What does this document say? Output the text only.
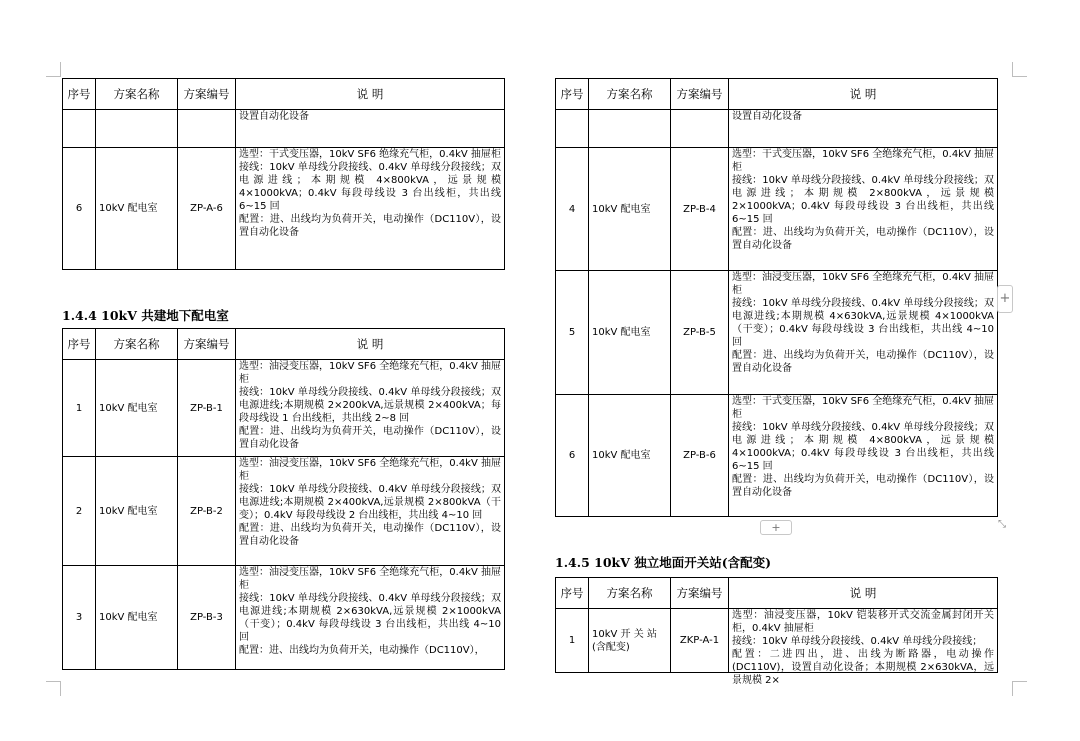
序号	方案名称	方案编号	说 明

			设置自动化设备

6	10kV 配电室	ZP-A-6	选型：干式变压器，10kV SF6 绝缘充气柜，0.4kV 抽屉柜

接线：10kV 单母线分段接线、0.4kV 单母线分段接线；双电源进线；本期规模 4×800kVA，远景规模 4×1000kVA；0.4kV 每段母线设 3 台出线柜，共出线 6~15 回

配置：进、出线均为负荷开关，电动操作（DC110V），设置自动化设备

1.4.4 10kV 共建地下配电室
序号	方案名称	方案编号	说 明
1	10kV 配电室	ZP-B-1	选型：油浸变压器，10kV SF6 全绝缘充气柜，0.4kV 抽屉柜

接线：10kV 单母线分段接线、0.4kV 单母线分段接线；双电源进线;本期规模 2×200kVA,远景规模 2×400kVA；每段母线设 1 台出线柜，共出线 2~8 回

配置：进、出线均为负荷开关，电动操作（DC110V），设置自动化设备

2	10kV 配电室	ZP-B-2	选型：油浸变压器，10kV SF6 全绝缘充气柜，0.4kV 抽屉柜

接线：10kV 单母线分段接线、0.4kV 单母线分段接线；双电源进线;本期规模 2×400kVA,远景规模 2×800kVA（干变）；0.4kV 每段母线设 2 台出线柜，共出线 4~10 回

配置：进、出线均为负荷开关，电动操作（DC110V），设置自动化设备

3	10kV 配电室	ZP-B-3	选型：油浸变压器，10kV SF6 全绝缘充气柜，0.4kV 抽屉柜

接线：10kV 单母线分段接线、0.4kV 单母线分段接线；双电源进线;本期规模 2×630kVA,远景规模 2×1000kVA（干变）；0.4kV 每段母线设 3 台出线柜，共出线 4~10 回

配置：进、出线均为负荷开关，电动操作（DC110V），

序号	方案名称	方案编号	说 明

			设置自动化设备

4	10kV 配电室	ZP-B-4	选型：干式变压器，10kV SF6 全绝缘充气柜，0.4kV 抽屉柜

接线：10kV 单母线分段接线、0.4kV 单母线分段接线；双电源进线；本期规模 2×800kVA，远景规模 2×1000kVA；0.4kV 每段母线设 3 台出线柜，共出线 6~15 回

配置：进、出线均为负荷开关，电动操作（DC110V），设置自动化设备

5	10kV 配电室	ZP-B-5	选型：油浸变压器，10kV SF6 全绝缘充气柜，0.4kV 抽屉柜

接线：10kV 单母线分段接线、0.4kV 单母线分段接线；双电源进线;本期规模 4×630kVA,远景规模 4×1000kVA（干变）；0.4kV 每段母线设 3 台出线柜，共出线 4~10 回

配置：进、出线均为负荷开关，电动操作（DC110V），设置自动化设备

6	10kV 配电室	ZP-B-6	选型：干式变压器，10kV SF6 全绝缘充气柜，0.4kV 抽屉柜

接线：10kV 单母线分段接线、0.4kV 单母线分段接线；双电源进线；本期规模 4×800kVA，远景规模 4×1000kVA；0.4kV 每段母线设 3 台出线柜，共出线 6~15 回

配置：进、出线均为负荷开关，电动操作（DC110V），设置自动化设备

+
+	⤡
1.4.5 10kV 独立地面开关站(含配变)
序号	方案名称	方案编号	说 明
1	10kV 开 关 站(含配变)	ZKP-A-1	选型：油浸变压器，10kV 铠装移开式交流金属封闭开关柜，0.4kV 抽屉柜

接线：10kV 单母线分段接线、0.4kV 单母线分段接线；

配置：二进四出，进、出线为断路器，电动操作(DC110V)，设置自动化设备；本期规模 2×630kVA，远景规模 2×
